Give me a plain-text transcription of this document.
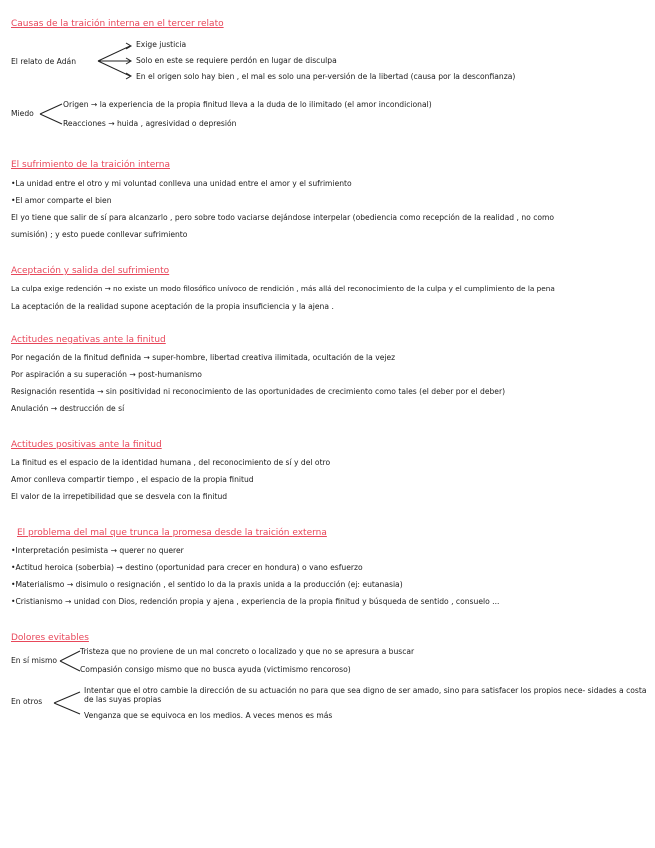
Causas de la traición interna en el tercer relato
El relato de Adán
Exige justicia
Solo en este se requiere perdón en lugar de disculpa
En el origen solo hay bien , el mal es solo una per-versión de la libertad (causa por la desconfianza)
Miedo
Origen → la experiencia de la propia finitud lleva a la duda de lo ilimitado (el amor incondicional)
Reacciones → huida , agresividad o depresión
El sufrimiento de la traición interna
•La unidad entre el otro y mi voluntad conlleva una unidad entre el amor y el sufrimiento
•El amor comparte el bien
El yo tiene que salir de sí para alcanzarlo , pero sobre todo vaciarse dejándose interpelar (obediencia como recepción de la realidad , no como
sumisión) ; y esto puede conllevar sufrimiento
Aceptación y salida del sufrimiento
La culpa exige redención → no existe un modo filosófico unívoco de rendición , más allá del reconocimiento de la culpa y el cumplimiento de la pena
La aceptación de la realidad supone aceptación de la propia insuficiencia y la ajena .
Actitudes negativas ante la finitud
Por negación de la finitud definida → super-hombre, libertad creativa ilimitada, ocultación de la vejez
Por aspiración a su superación → post-humanismo
Resignación resentida → sin positividad ni reconocimiento de las oportunidades de crecimiento como tales (el deber por el deber)
Anulación → destrucción de sí
Actitudes positivas ante la finitud
La finitud es el espacio de la identidad humana , del reconocimiento de sí y del otro
Amor conlleva compartir tiempo , el espacio de la propia finitud
El valor de la irrepetibilidad que se desvela con la finitud
El problema del mal que trunca la promesa desde la traición externa
•Interpretación pesimista → querer no querer
•Actitud heroica (soberbia) → destino (oportunidad para crecer en hondura) o vano esfuerzo
•Materialismo → disimulo o resignación , el sentido lo da la praxis unida a la producción (ej: eutanasia)
•Cristianismo → unidad con Dios, redención propia y ajena , experiencia de la propia finitud y búsqueda de sentido , consuelo ...
Dolores evitables
En sí mismo
Tristeza que no proviene de un mal concreto o localizado y que no se apresura a buscar
Compasión consigo mismo que no busca ayuda (victimismo rencoroso)
En otros
Intentar que el otro cambie la dirección de su actuación no para que sea digno de ser amado, sino para satisfacer los propios nece- sidades a costa de las suyas propias
Venganza que se equivoca en los medios. A veces menos es más
